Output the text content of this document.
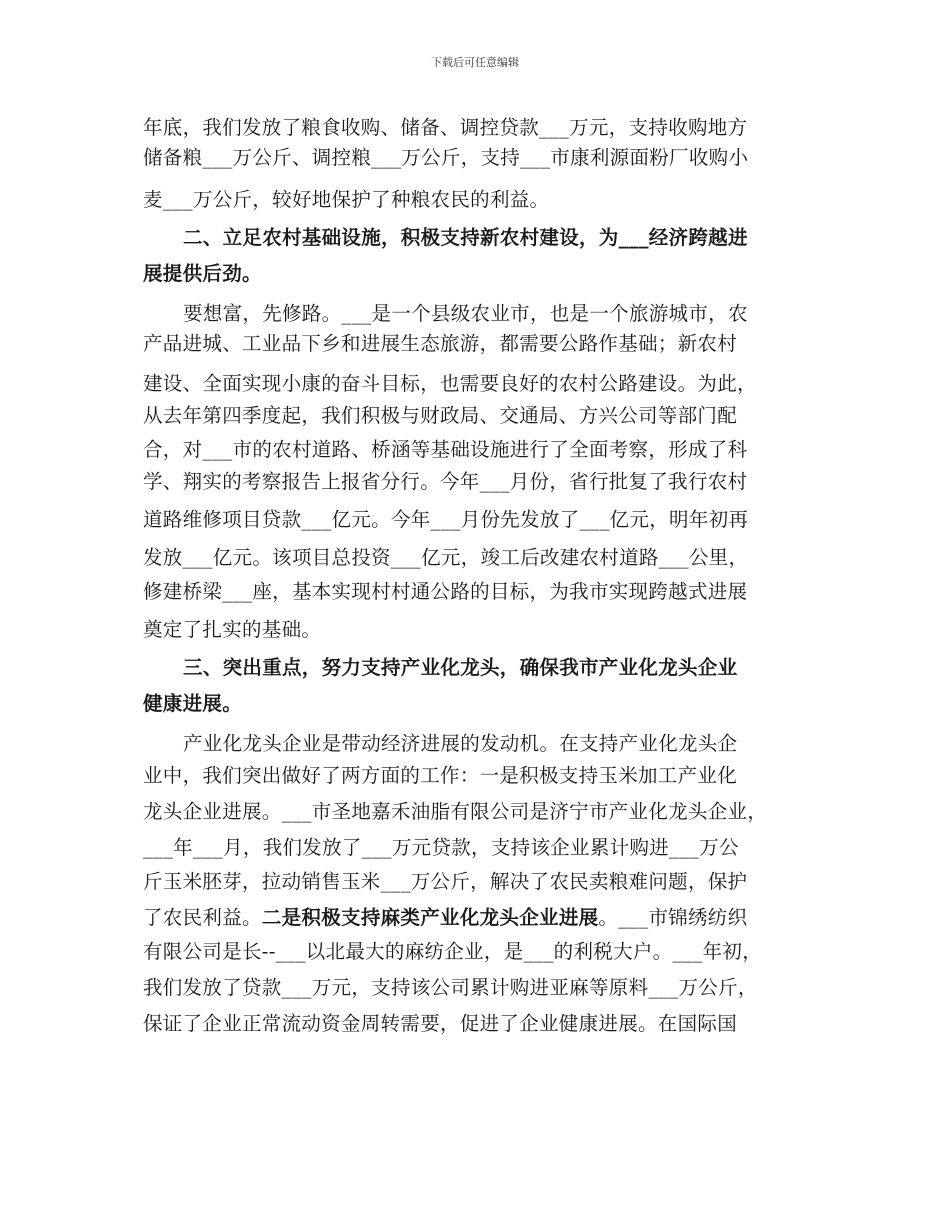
下载后可任意编辑
年底，我们发放了粮食收购、储备、调控贷款___万元，支持收购地方
储备粮___万公斤、调控粮___万公斤，支持___市康利源面粉厂收购小
麦___万公斤，较好地保护了种粮农民的利益。
二、立足农村基础设施，积极支持新农村建设，为___经济跨越进
展提供后劲。
要想富，先修路。___是一个县级农业市，也是一个旅游城市，农
产品进城、工业品下乡和进展生态旅游，都需要公路作基础；新农村
建设、全面实现小康的奋斗目标，也需要良好的农村公路建设。为此，
从去年第四季度起，我们积极与财政局、交通局、方兴公司等部门配
合，对___市的农村道路、桥涵等基础设施进行了全面考察，形成了科
学、翔实的考察报告上报省分行。今年___月份，省行批复了我行农村
道路维修项目贷款___亿元。今年___月份先发放了___亿元，明年初再
发放___亿元。该项目总投资___亿元，竣工后改建农村道路___公里，
修建桥梁___座，基本实现村村通公路的目标，为我市实现跨越式进展
奠定了扎实的基础。
三、突出重点，努力支持产业化龙头，确保我市产业化龙头企业
健康进展。
产业化龙头企业是带动经济进展的发动机。在支持产业化龙头企
业中，我们突出做好了两方面的工作：一是积极支持玉米加工产业化
龙头企业进展。___市圣地嘉禾油脂有限公司是济宁市产业化龙头企业，
___年___月，我们发放了___万元贷款，支持该企业累计购进___万公
斤玉米胚芽，拉动销售玉米___万公斤，解决了农民卖粮难问题，保护
了农民利益。二是积极支持麻类产业化龙头企业进展。___市锦绣纺织
有限公司是长--___以北最大的麻纺企业，是___的利税大户。___年初，
我们发放了贷款___万元，支持该公司累计购进亚麻等原料___万公斤，
保证了企业正常流动资金周转需要，促进了企业健康进展。在国际国
